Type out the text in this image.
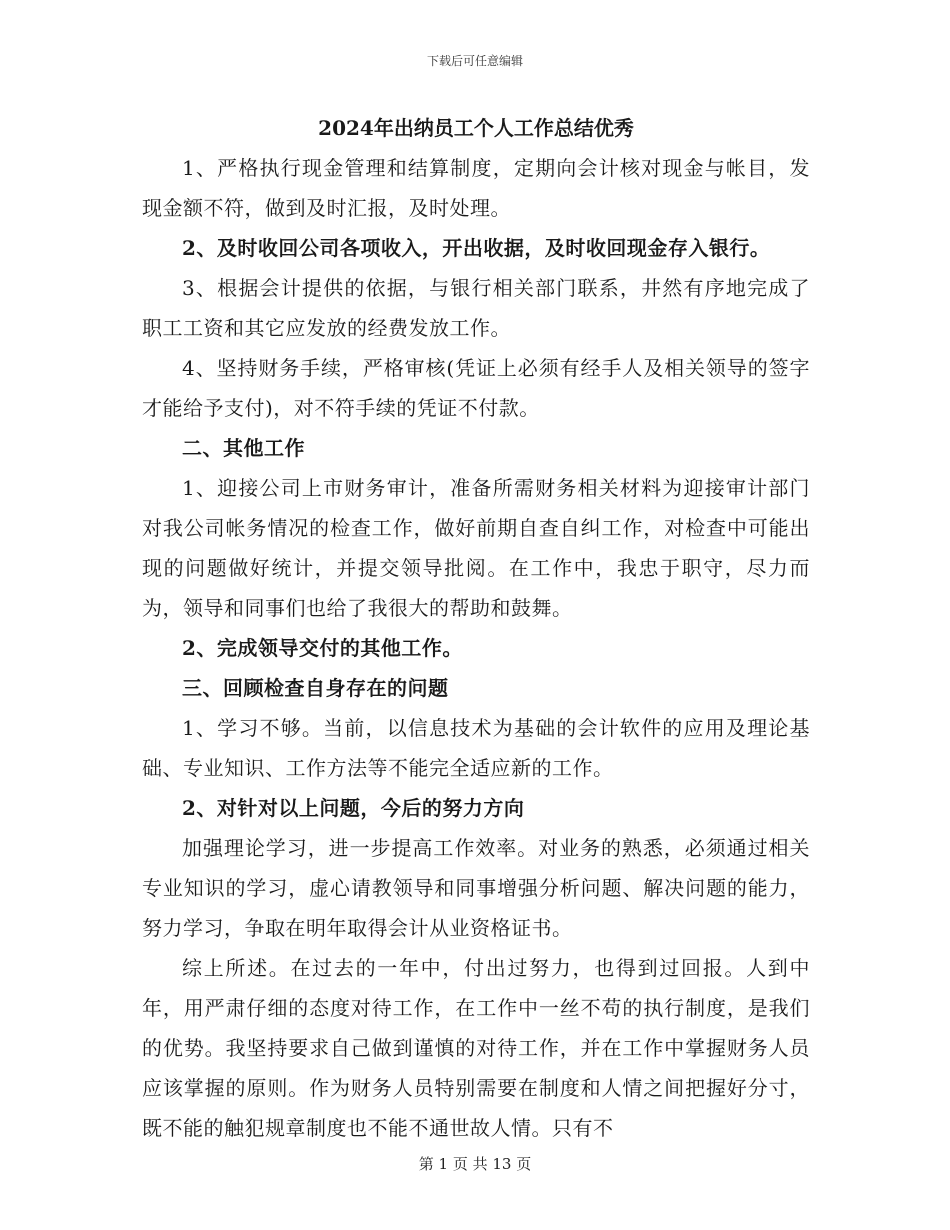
下载后可任意编辑
2024年出纳员工个人工作总结优秀

1、严格执行现金管理和结算制度，定期向会计核对现金与帐目，发现金额不符，做到及时汇报，及时处理。

2、及时收回公司各项收入，开出收据，及时收回现金存入银行。

3、根据会计提供的依据，与银行相关部门联系，井然有序地完成了职工工资和其它应发放的经费发放工作。

4、坚持财务手续，严格审核(凭证上必须有经手人及相关领导的签字才能给予支付)，对不符手续的凭证不付款。

二、其他工作

1、迎接公司上市财务审计，准备所需财务相关材料为迎接审计部门对我公司帐务情况的检查工作，做好前期自查自纠工作，对检查中可能出现的问题做好统计，并提交领导批阅。在工作中，我忠于职守，尽力而为，领导和同事们也给了我很大的帮助和鼓舞。

2、完成领导交付的其他工作。

三、回顾检查自身存在的问题

1、学习不够。当前，以信息技术为基础的会计软件的应用及理论基础、专业知识、工作方法等不能完全适应新的工作。

2、对针对以上问题，今后的努力方向

加强理论学习，进一步提高工作效率。对业务的熟悉，必须通过相关专业知识的学习，虚心请教领导和同事增强分析问题、解决问题的能力，努力学习，争取在明年取得会计从业资格证书。

综上所述。在过去的一年中，付出过努力，也得到过回报。人到中年，用严肃仔细的态度对待工作，在工作中一丝不苟的执行制度，是我们的优势。我坚持要求自己做到谨慎的对待工作，并在工作中掌握财务人员应该掌握的原则。作为财务人员特别需要在制度和人情之间把握好分寸，既不能的触犯规章制度也不能不通世故人情。只有不

第 1 页 共 13 页
